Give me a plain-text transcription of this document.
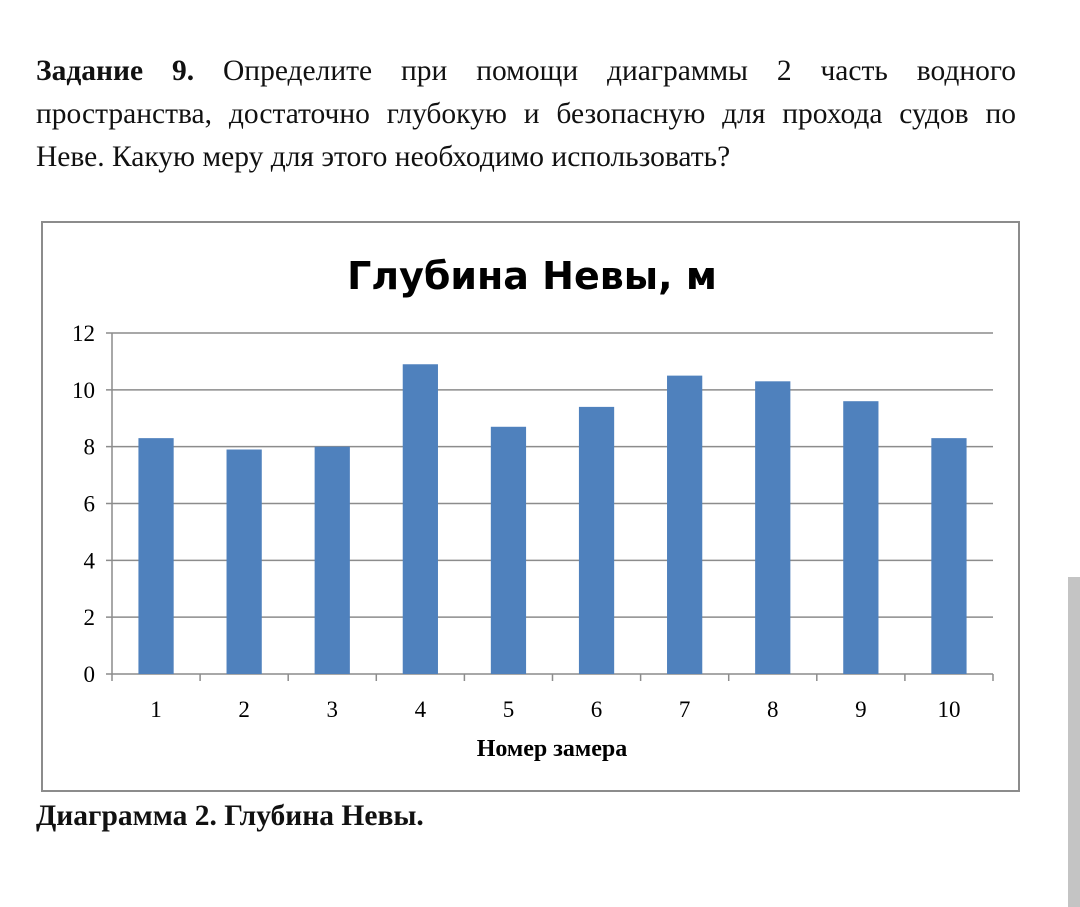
Задание 9. Определите при помощи диаграммы 2 часть водного пространства, достаточно глубокую и безопасную для прохода судов по Неве. Какую меру для этого необходимо использовать?
Глубина Невы, м
0
2
4
6
8
10
12
1	2	3	4	5	6	7	8	9	10
Номер замера
Диаграмма 2. Глубина Невы.
